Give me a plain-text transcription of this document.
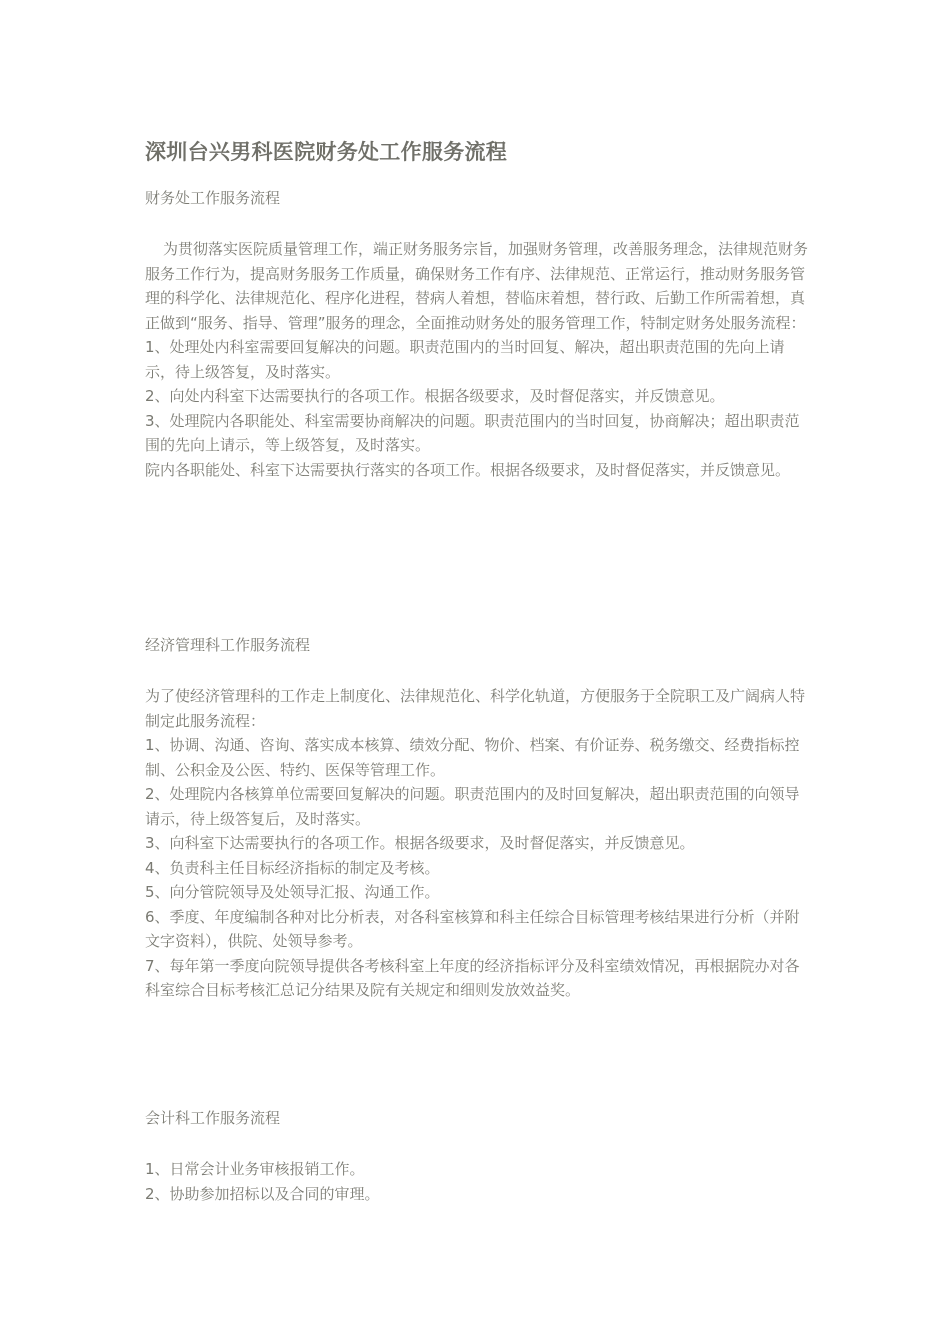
深圳台兴男科医院财务处工作服务流程
财务处工作服务流程

为贯彻落实医院质量管理工作，端正财务服务宗旨，加强财务管理，改善服务理念，法律规范财务服务工作行为，提高财务服务工作质量，确保财务工作有序、法律规范、正常运行，推动财务服务管理的科学化、法律规范化、程序化进程，替病人着想，替临床着想，替行政、后勤工作所需着想，真正做到“服务、指导、管理”服务的理念，全面推动财务处的服务管理工作，特制定财务处服务流程：

1、处理处内科室需要回复解决的问题。职责范围内的当时回复、解决，超出职责范围的先向上请示，待上级答复，及时落实。

2、向处内科室下达需要执行的各项工作。根据各级要求，及时督促落实，并反馈意见。

3、处理院内各职能处、科室需要协商解决的问题。职责范围内的当时回复，协商解决；超出职责范围的先向上请示，等上级答复，及时落实。

院内各职能处、科室下达需要执行落实的各项工作。根据各级要求，及时督促落实，并反馈意见。

经济管理科工作服务流程

为了使经济管理科的工作走上制度化、法律规范化、科学化轨道，方便服务于全院职工及广阔病人特制定此服务流程：

1、协调、沟通、咨询、落实成本核算、绩效分配、物价、档案、有价证券、税务缴交、经费指标控制、公积金及公医、特约、医保等管理工作。

2、处理院内各核算单位需要回复解决的问题。职责范围内的及时回复解决，超出职责范围的向领导请示，待上级答复后，及时落实。

3、向科室下达需要执行的各项工作。根据各级要求，及时督促落实，并反馈意见。

4、负责科主任目标经济指标的制定及考核。

5、向分管院领导及处领导汇报、沟通工作。

6、季度、年度编制各种对比分析表，对各科室核算和科主任综合目标管理考核结果进行分析（并附文字资料），供院、处领导参考。

7、每年第一季度向院领导提供各考核科室上年度的经济指标评分及科室绩效情况，再根据院办对各科室综合目标考核汇总记分结果及院有关规定和细则发放效益奖。

会计科工作服务流程

1、日常会计业务审核报销工作。

2、协助参加招标以及合同的审理。
